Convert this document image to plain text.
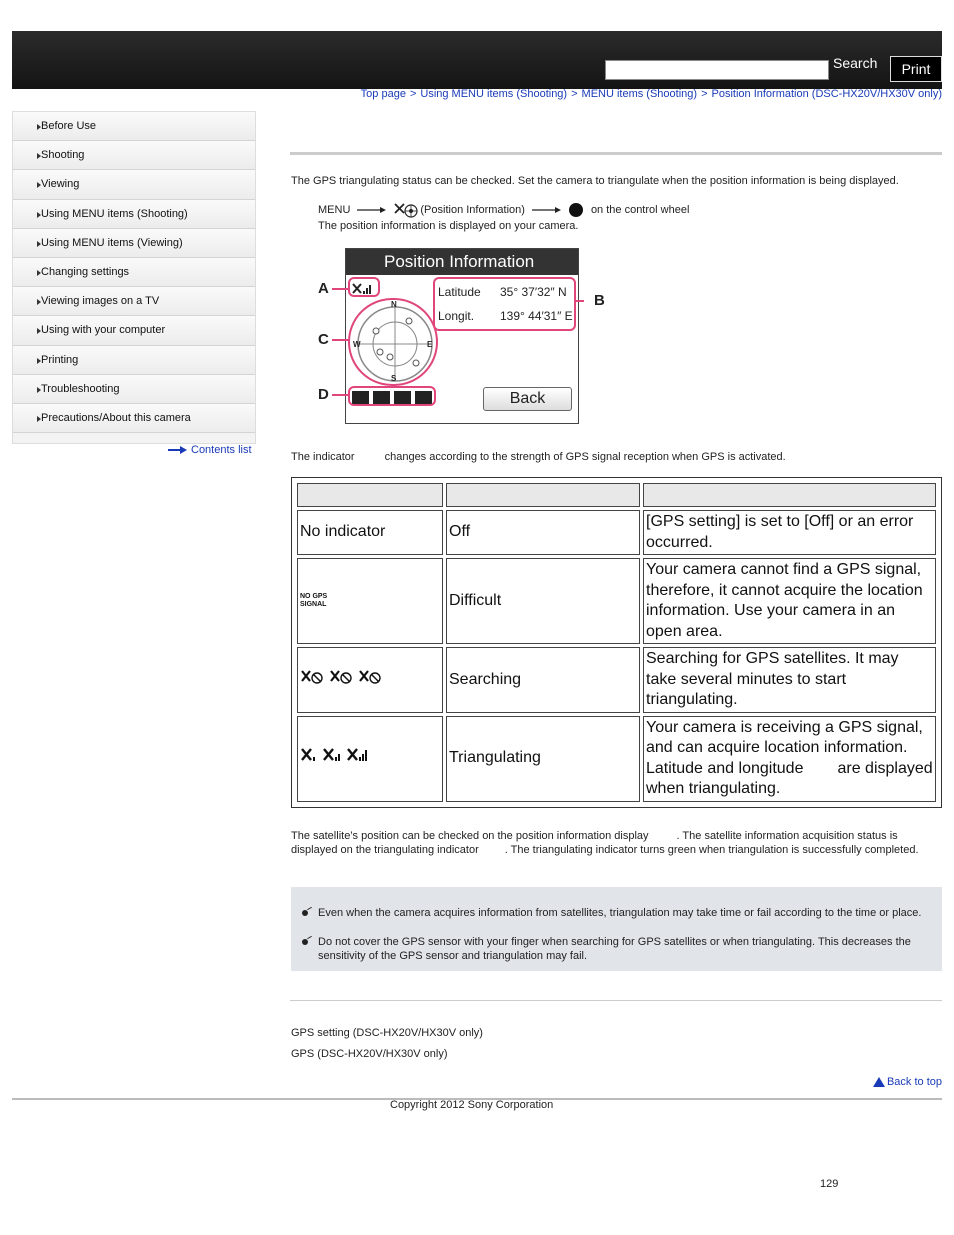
Search	Print
Top page > Using MENU items (Shooting) > MENU items (Shooting) > Position Information (DSC-HX20V/HX30V only)
Before Use
Shooting
Viewing
Using MENU items (Shooting)
Using MENU items (Viewing)
Changing settings
Viewing images on a TV
Using with your computer
Printing
Troubleshooting
Precautions/About this camera
Contents list
The GPS triangulating status can be checked. Set the camera to triangulate when the position information is being displayed.
MENU	(Position Information)	on the control wheel
The position information is displayed on your camera.
Position Information
Latitude	35° 37′32″ N
Longit.	139° 44′31″ E
N
W	E
S
Back
A
B
C
D
The indicator	changes according to the strength of GPS signal reception when GPS is activated.

No indicator	Off	[GPS setting] is set to [Off] or an error occurred.

NO GPS SIGNAL	Difficult	Your camera cannot find a GPS signal, therefore, it cannot acquire the location information. Use your camera in an open area.
	Searching	Searching for GPS satellites. It may take several minutes to start triangulating.
	Triangulating	Your camera is receiving a GPS signal, and can acquire location information. Latitude and longitude are displayed when triangulating.
The satellite’s position can be checked on the position information display	. The satellite information acquisition status is displayed on the triangulating indicator . The triangulating indicator turns green when triangulation is successfully completed.
Even when the camera acquires information from satellites, triangulation may take time or fail according to the time or place.
Do not cover the GPS sensor with your finger when searching for GPS satellites or when triangulating. This decreases the sensitivity of the GPS sensor and triangulation may fail.
GPS setting (DSC-HX20V/HX30V only)
GPS (DSC-HX20V/HX30V only)
Back to top
Copyright 2012 Sony Corporation
129
